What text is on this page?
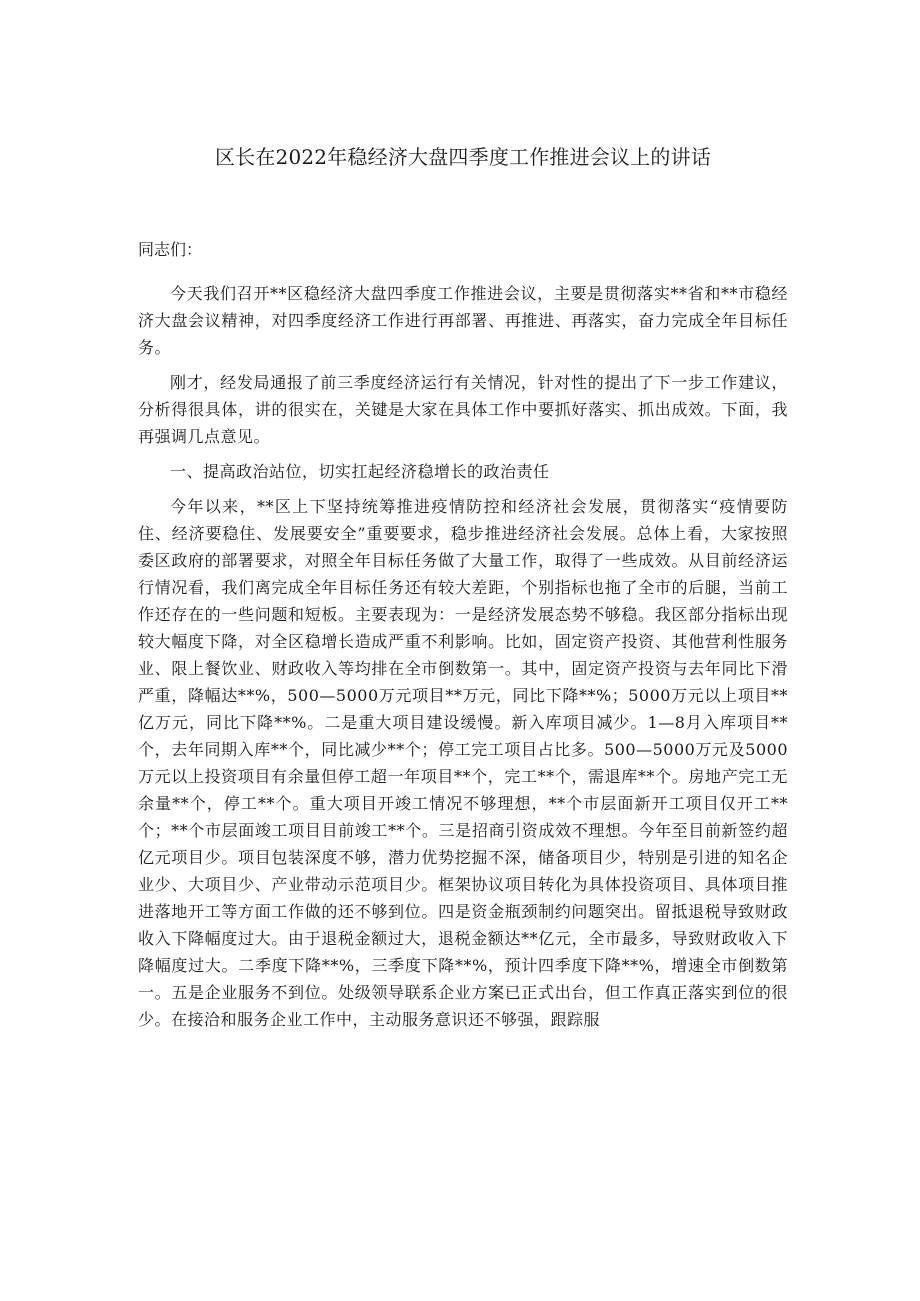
区长在2022年稳经济大盘四季度工作推进会议上的讲话
同志们：

今天我们召开**区稳经济大盘四季度工作推进会议，主要是贯彻落实**省和**市稳经济大盘会议精神，对四季度经济工作进行再部署、再推进、再落实，奋力完成全年目标任务。

刚才，经发局通报了前三季度经济运行有关情况，针对性的提出了下一步工作建议，分析得很具体，讲的很实在，关键是大家在具体工作中要抓好落实、抓出成效。下面，我再强调几点意见。

一、提高政治站位，切实扛起经济稳增长的政治责任

今年以来，**区上下坚持统筹推进疫情防控和经济社会发展，贯彻落实“疫情要防住、经济要稳住、发展要安全”重要要求，稳步推进经济社会发展。总体上看，大家按照委区政府的部署要求，对照全年目标任务做了大量工作，取得了一些成效。从目前经济运行情况看，我们离完成全年目标任务还有较大差距，个别指标也拖了全市的后腿，当前工作还存在的一些问题和短板。主要表现为：一是经济发展态势不够稳。我区部分指标出现较大幅度下降，对全区稳增长造成严重不利影响。比如，固定资产投资、其他营利性服务业、限上餐饮业、财政收入等均排在全市倒数第一。其中，固定资产投资与去年同比下滑严重，降幅达**%，500—5000万元项目**万元，同比下降**%；5000万元以上项目**亿万元，同比下降**%。二是重大项目建设缓慢。新入库项目减少。1—8月入库项目**个，去年同期入库**个，同比减少**个；停工完工项目占比多。500—5000万元及5000万元以上投资项目有余量但停工超一年项目**个，完工**个，需退库**个。房地产完工无余量**个，停工**个。重大项目开竣工情况不够理想，**个市层面新开工项目仅开工**个；**个市层面竣工项目目前竣工**个。三是招商引资成效不理想。今年至目前新签约超亿元项目少。项目包装深度不够，潜力优势挖掘不深，储备项目少，特别是引进的知名企业少、大项目少、产业带动示范项目少。框架协议项目转化为具体投资项目、具体项目推进落地开工等方面工作做的还不够到位。四是资金瓶颈制约问题突出。留抵退税导致财政收入下降幅度过大。由于退税金额过大，退税金额达**亿元，全市最多，导致财政收入下降幅度过大。二季度下降**%，三季度下降**%，预计四季度下降**%，增速全市倒数第一。五是企业服务不到位。处级领导联系企业方案已正式出台，但工作真正落实到位的很少。在接洽和服务企业工作中，主动服务意识还不够强，跟踪服
